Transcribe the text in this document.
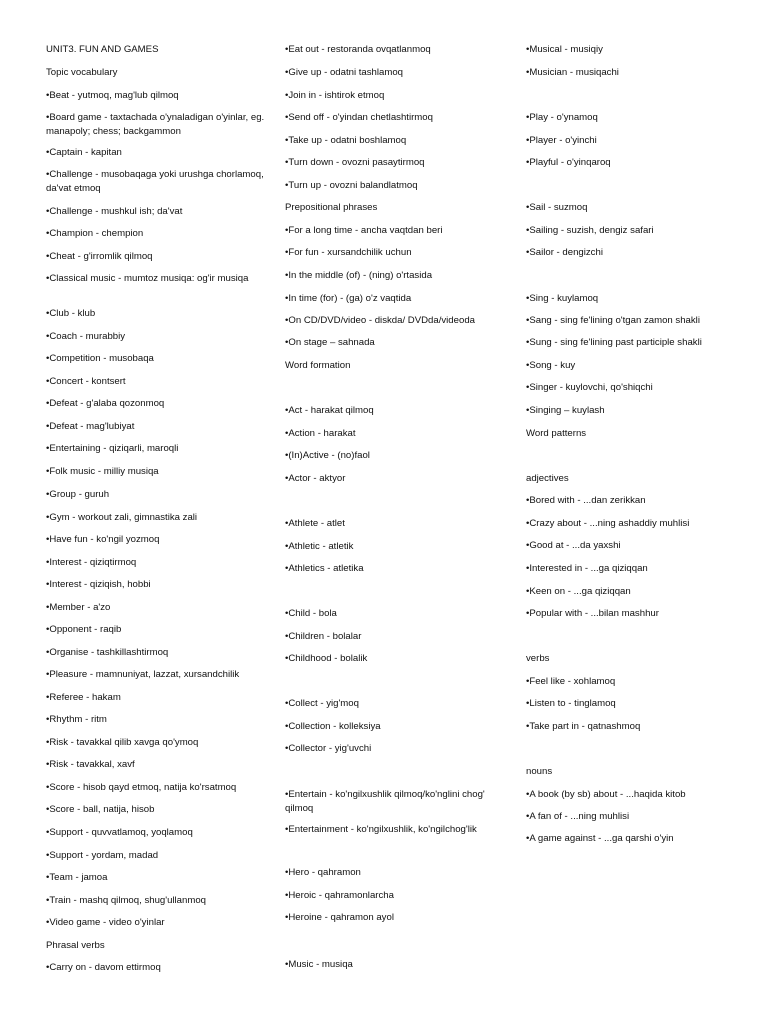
UNIT3. FUN AND GAMES
Topic vocabulary
•Beat - yutmoq, mag'lub qilmoq
•Board game - taxtachada o'ynaladigan o'yinlar, eg. manapoly; chess; backgammon
•Captain - kapitan
•Challenge - musobaqaga yoki urushga chorlamoq, da'vat etmoq
•Challenge - mushkul ish; da'vat
•Champion - chempion
•Cheat - g'irromlik qilmoq
•Classical music - mumtoz musiqa: og'ir musiqa
•Club - klub
•Coach - murabbiy
•Competition - musobaqa
•Concert - kontsert
•Defeat - g'alaba qozonmoq
•Defeat - mag'lubiyat
•Entertaining - qiziqarli, maroqli
•Folk music - milliy musiqa
•Group - guruh
•Gym - workout zali, gimnastika zali
•Have fun - ko'ngil yozmoq
•Interest - qiziqtirmoq
•Interest - qiziqish, hobbi
•Member - a'zo
•Opponent - raqib
•Organise - tashkillashtirmoq
•Pleasure - mamnuniyat, lazzat, xursandchilik
•Referee - hakam
•Rhythm - ritm
•Risk - tavakkal qilib xavga qo'ymoq
•Risk - tavakkal, xavf
•Score - hisob qayd etmoq, natija ko'rsatmoq
•Score - ball, natija, hisob
•Support - quvvatlamoq, yoqlamoq
•Support - yordam, madad
•Team - jamoa
•Train - mashq qilmoq, shug'ullanmoq
•Video game - video o'yinlar
Phrasal verbs
•Carry on - davom ettirmoq
•Eat out - restoranda ovqatlanmoq
•Give up - odatni tashlamoq
•Join in - ishtirok etmoq
•Send off - o'yindan chetlashtirmoq
•Take up - odatni boshlamoq
•Turn down - ovozni pasaytirmoq
•Turn up - ovozni balandlatmoq
Prepositional phrases
•For a long time - ancha vaqtdan beri
•For fun - xursandchilik uchun
•In the middle (of) - (ning) o'rtasida
•In time (for) - (ga) o'z vaqtida
•On CD/DVD/video - diskda/ DVDda/videoda
•On stage – sahnada
Word formation
•Act - harakat qilmoq
•Action - harakat
•(In)Active - (no)faol
•Actor - aktyor
•Athlete - atlet
•Athletic - atletik
•Athletics - atletika
•Child - bola
•Children - bolalar
•Childhood - bolalik
•Collect - yig'moq
•Collection - kolleksiya
•Collector - yig'uvchi
•Entertain - ko'ngilxushlik qilmoq/ko'nglini chog' qilmoq
•Entertainment - ko'ngilxushlik, ko'ngilchog'lik
•Hero - qahramon
•Heroic - qahramonlarcha
•Heroine - qahramon ayol
•Music - musiqa
•Musical - musiqiy
•Musician - musiqachi
•Play - o'ynamoq
•Player - o'yinchi
•Playful - o'yinqaroq
•Sail - suzmoq
•Sailing - suzish, dengiz safari
•Sailor - dengizchi
•Sing - kuylamoq
•Sang - sing fe'lining o'tgan zamon shakli
•Sung - sing fe'lining past participle shakli
•Song - kuy
•Singer - kuylovchi, qo'shiqchi
•Singing – kuylash
Word patterns
adjectives
•Bored with - ...dan zerikkan
•Crazy about - ...ning ashaddiy muhlisi
•Good at - ...da yaxshi
•Interested in - ...ga qiziqqan
•Keen on - ...ga qiziqqan
•Popular with - ...bilan mashhur
verbs
•Feel like - xohlamoq
•Listen to - tinglamoq
•Take part in - qatnashmoq
nouns
•A book (by sb) about - ...haqida kitob
•A fan of - ...ning muhlisi
•A game against - ...ga qarshi o'yin
